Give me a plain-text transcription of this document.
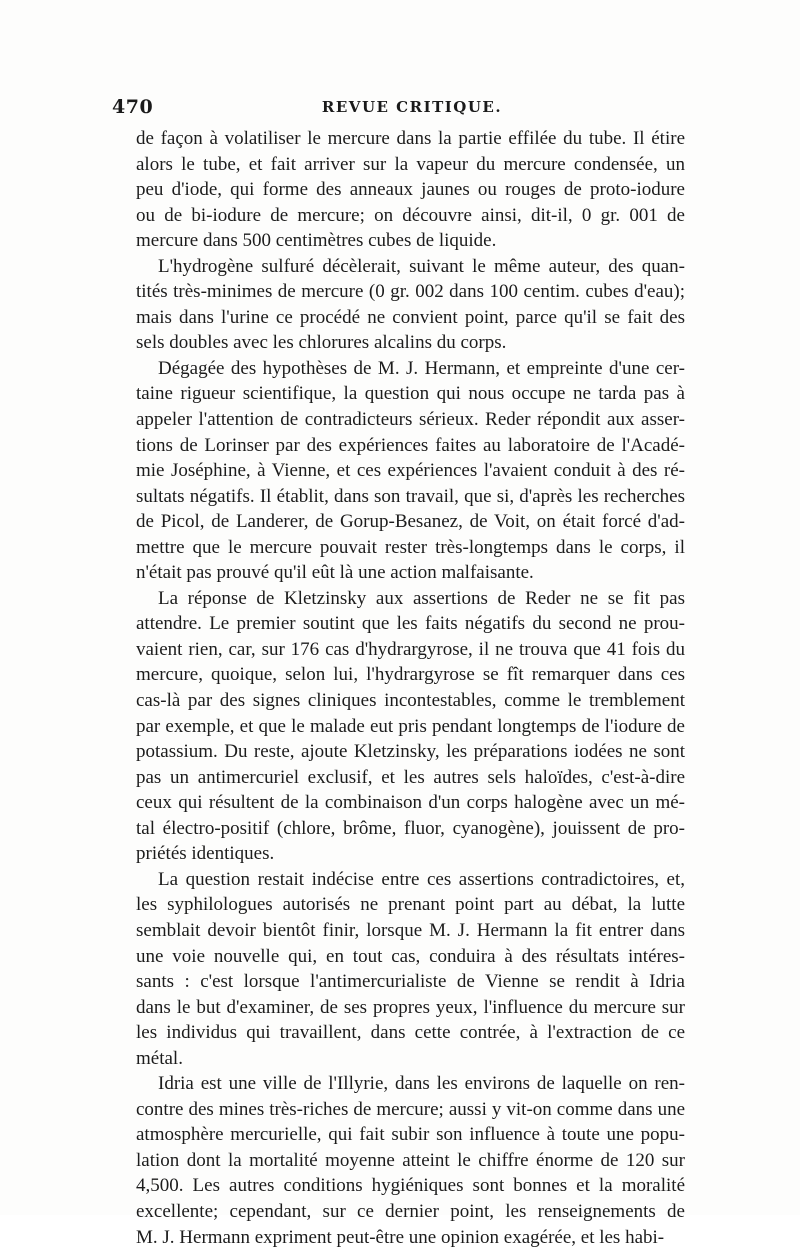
470	REVUE CRITIQUE.
de façon à volatiliser le mercure dans la partie effilée du tube. Il étire
alors le tube, et fait arriver sur la vapeur du mercure condensée, un
peu d'iode, qui forme des anneaux jaunes ou rouges de proto-iodure
ou de bi-iodure de mercure; on découvre ainsi, dit-il, 0 gr. 001 de
mercure dans 500 centimètres cubes de liquide.
L'hydrogène sulfuré décèlerait, suivant le même auteur, des quan-
tités très-minimes de mercure (0 gr. 002 dans 100 centim. cubes d'eau);
mais dans l'urine ce procédé ne convient point, parce qu'il se fait des
sels doubles avec les chlorures alcalins du corps.
Dégagée des hypothèses de M. J. Hermann, et empreinte d'une cer-
taine rigueur scientifique, la question qui nous occupe ne tarda pas à
appeler l'attention de contradicteurs sérieux. Reder répondit aux asser-
tions de Lorinser par des expériences faites au laboratoire de l'Acadé-
mie Joséphine, à Vienne, et ces expériences l'avaient conduit à des ré-
sultats négatifs. Il établit, dans son travail, que si, d'après les recherches
de Picol, de Landerer, de Gorup-Besanez, de Voit, on était forcé d'ad-
mettre que le mercure pouvait rester très-longtemps dans le corps, il
n'était pas prouvé qu'il eût là une action malfaisante.
La réponse de Kletzinsky aux assertions de Reder ne se fit pas
attendre. Le premier soutint que les faits négatifs du second ne prou-
vaient rien, car, sur 176 cas d'hydrargyrose, il ne trouva que 41 fois du
mercure, quoique, selon lui, l'hydrargyrose se fît remarquer dans ces
cas-là par des signes cliniques incontestables, comme le tremblement
par exemple, et que le malade eut pris pendant longtemps de l'iodure de
potassium. Du reste, ajoute Kletzinsky, les préparations iodées ne sont
pas un antimercuriel exclusif, et les autres sels haloïdes, c'est-à-dire
ceux qui résultent de la combinaison d'un corps halogène avec un mé-
tal électro-positif (chlore, brôme, fluor, cyanogène), jouissent de pro-
priétés identiques.
La question restait indécise entre ces assertions contradictoires, et,
les syphilologues autorisés ne prenant point part au débat, la lutte
semblait devoir bientôt finir, lorsque M. J. Hermann la fit entrer dans
une voie nouvelle qui, en tout cas, conduira à des résultats intéres-
sants : c'est lorsque l'antimercurialiste de Vienne se rendit à Idria
dans le but d'examiner, de ses propres yeux, l'influence du mercure sur
les individus qui travaillent, dans cette contrée, à l'extraction de ce
métal.
Idria est une ville de l'Illyrie, dans les environs de laquelle on ren-
contre des mines très-riches de mercure; aussi y vit-on comme dans une
atmosphère mercurielle, qui fait subir son influence à toute une popu-
lation dont la mortalité moyenne atteint le chiffre énorme de 120 sur
4,500. Les autres conditions hygiéniques sont bonnes et la moralité
excellente; cependant, sur ce dernier point, les renseignements de
M. J. Hermann expriment peut-être une opinion exagérée, et les habi-
